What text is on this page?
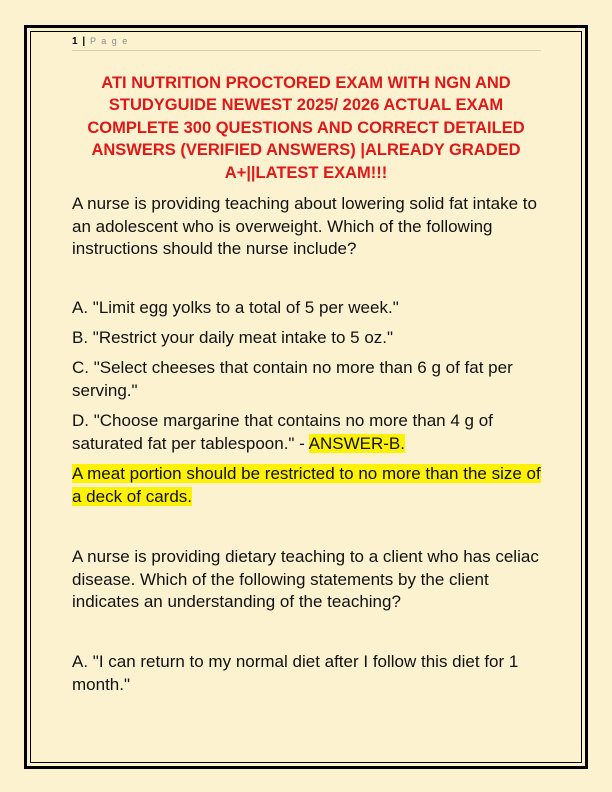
1 | P a g e
ATI NUTRITION PROCTORED EXAM WITH NGN AND STUDYGUIDE NEWEST 2025/ 2026 ACTUAL EXAM COMPLETE 300 QUESTIONS AND CORRECT DETAILED ANSWERS (VERIFIED ANSWERS) |ALREADY GRADED A+||LATEST EXAM!!!

A nurse is providing teaching about lowering solid fat intake to an adolescent who is overweight. Which of the following instructions should the nurse include?

A. "Limit egg yolks to a total of 5 per week."

B. "Restrict your daily meat intake to 5 oz."

C. "Select cheeses that contain no more than 6 g of fat per serving."

D. "Choose margarine that contains no more than 4 g of saturated fat per tablespoon." - ANSWER-B.

A meat portion should be restricted to no more than the size of a deck of cards.

A nurse is providing dietary teaching to a client who has celiac disease. Which of the following statements by the client indicates an understanding of the teaching?

A. "I can return to my normal diet after I follow this diet for 1 month."
